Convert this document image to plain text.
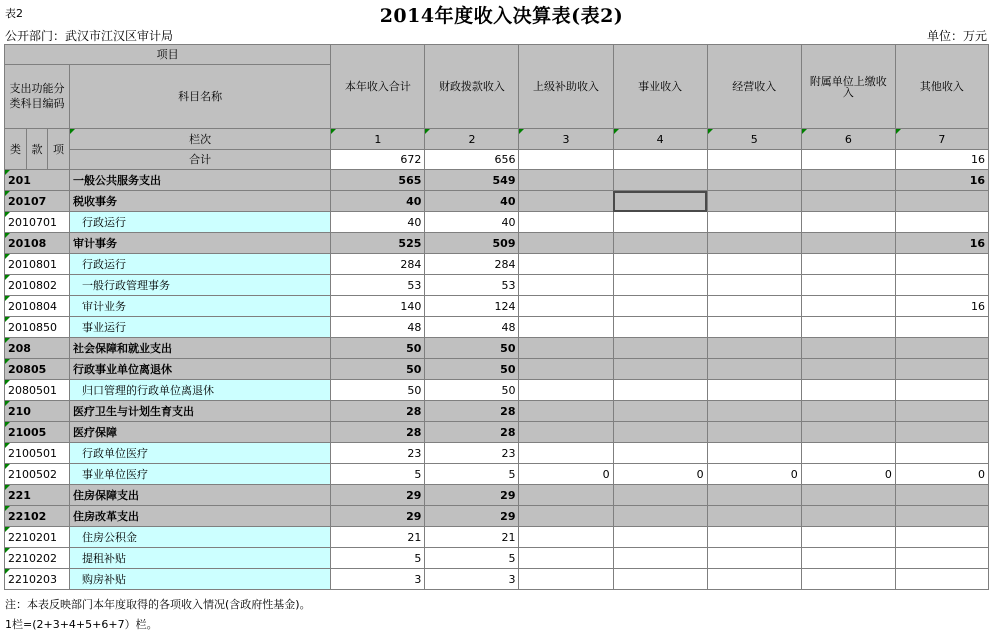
表2	2014年度收入决算表(表2)
公开部门：武汉市江汉区审计局	单位：万元
项目				本年收入合计	财政拨款收入	上级补助收入	事业收入	经营收入	附属单位上缴收入	其他收入
支出功能分类科目编码			科目名称							

类	款	项	栏次	1	2	3	4	5	6	7
			合计	672	656					16
201			一般公共服务支出	565	549					16
20107			税收事务	40	40					
2010701			行政运行	40	40					
20108			审计事务	525	509					16
2010801			行政运行	284	284					
2010802			一般行政管理事务	53	53					
2010804			审计业务	140	124					16
2010850			事业运行	48	48					
208			社会保障和就业支出	50	50					
20805			行政事业单位离退休	50	50					
2080501			归口管理的行政单位离退休	50	50					
210			医疗卫生与计划生育支出	28	28					
21005			医疗保障	28	28					
2100501			行政单位医疗	23	23					
2100502			事业单位医疗	5	5	0	0	0	0	0
221			住房保障支出	29	29					
22102			住房改革支出	29	29					
2210201			住房公积金	21	21					
2210202			提租补贴	5	5					
2210203			购房补贴	3	3					
注：本表反映部门本年度取得的各项收入情况(含政府性基金)。
1栏=(2+3+4+5+6+7）栏。
